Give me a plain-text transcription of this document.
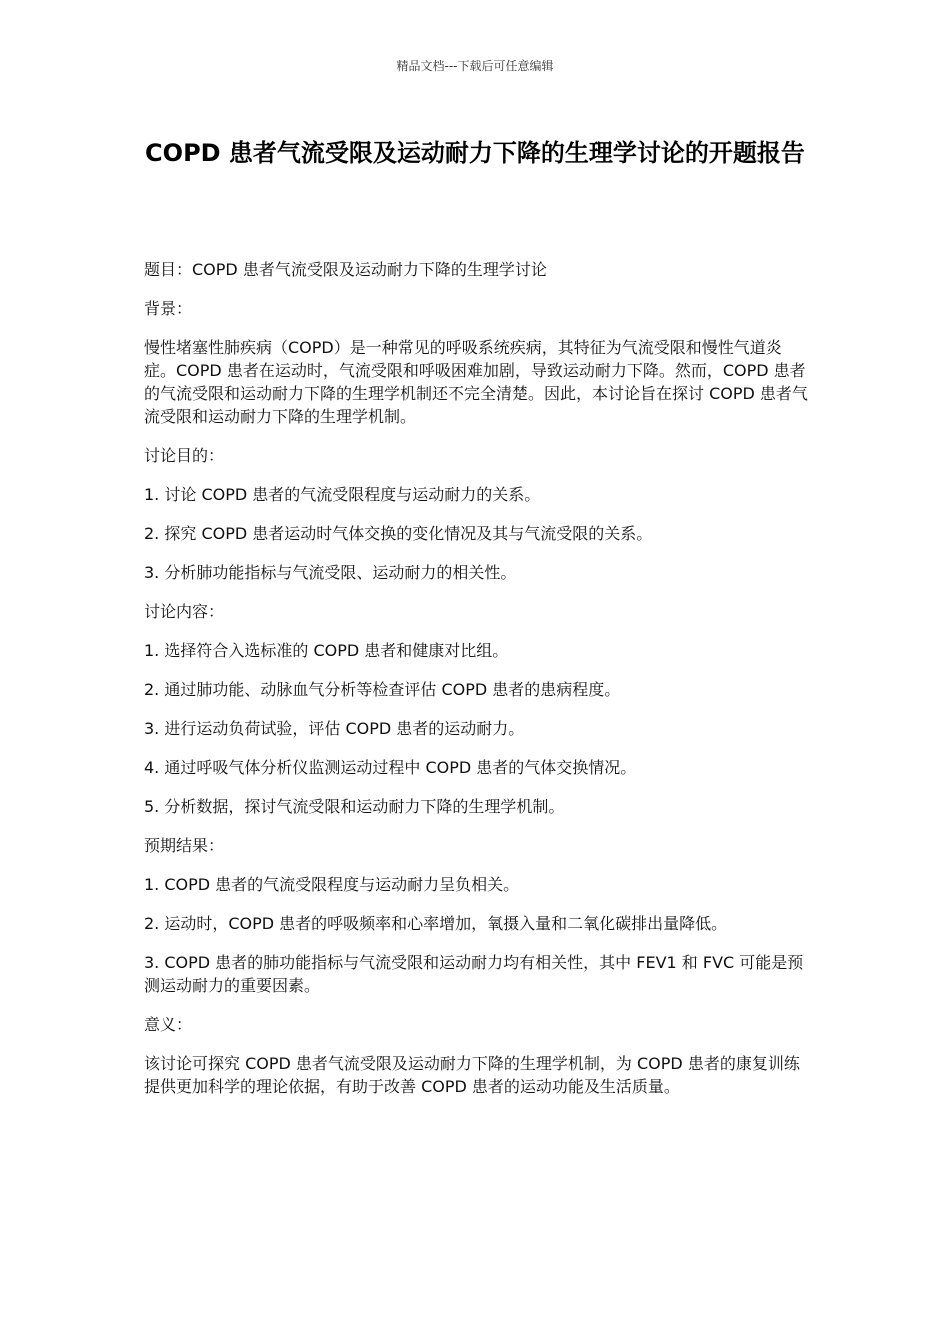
精品文档---下载后可任意编辑
COPD 患者气流受限及运动耐力下降的生理学讨论的开题报告

题目：COPD 患者气流受限及运动耐力下降的生理学讨论

背景：

慢性堵塞性肺疾病（COPD）是一种常见的呼吸系统疾病，其特征为气流受限和慢性气道炎症。COPD 患者在运动时，气流受限和呼吸困难加剧，导致运动耐力下降。然而，COPD 患者的气流受限和运动耐力下降的生理学机制还不完全清楚。因此，本讨论旨在探讨 COPD 患者气流受限和运动耐力下降的生理学机制。

讨论目的：

1. 讨论 COPD 患者的气流受限程度与运动耐力的关系。

2. 探究 COPD 患者运动时气体交换的变化情况及其与气流受限的关系。

3. 分析肺功能指标与气流受限、运动耐力的相关性。

讨论内容：

1. 选择符合入选标准的 COPD 患者和健康对比组。

2. 通过肺功能、动脉血气分析等检查评估 COPD 患者的患病程度。

3. 进行运动负荷试验，评估 COPD 患者的运动耐力。

4. 通过呼吸气体分析仪监测运动过程中 COPD 患者的气体交换情况。

5. 分析数据，探讨气流受限和运动耐力下降的生理学机制。

预期结果：

1. COPD 患者的气流受限程度与运动耐力呈负相关。

2. 运动时，COPD 患者的呼吸频率和心率增加，氧摄入量和二氧化碳排出量降低。

3. COPD 患者的肺功能指标与气流受限和运动耐力均有相关性，其中 FEV1 和 FVC 可能是预测运动耐力的重要因素。

意义：

该讨论可探究 COPD 患者气流受限及运动耐力下降的生理学机制，为 COPD 患者的康复训练提供更加科学的理论依据，有助于改善 COPD 患者的运动功能及生活质量。
